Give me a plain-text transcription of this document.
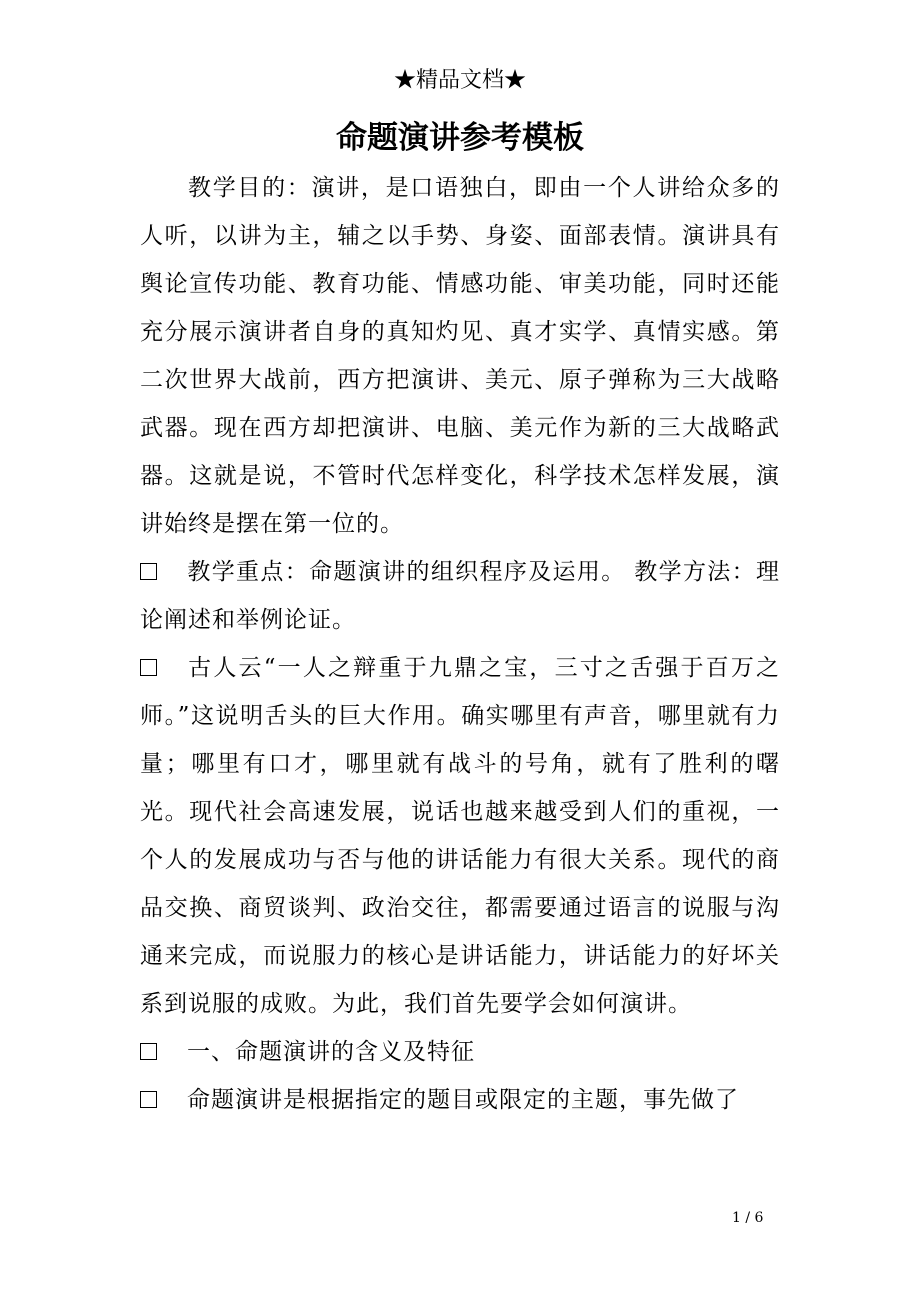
★精品文档★
命题演讲参考模板

教学目的：演讲，是口语独白，即由一个人讲给众多的人听，以讲为主，辅之以手势、身姿、面部表情。演讲具有舆论宣传功能、教育功能、情感功能、审美功能，同时还能充分展示演讲者自身的真知灼见、真才实学、真情实感。第二次世界大战前，西方把演讲、美元、原子弹称为三大战略武器。现在西方却把演讲、电脑、美元作为新的三大战略武器。这就是说，不管时代怎样变化，科学技术怎样发展，演讲始终是摆在第一位的。

教学重点：命题演讲的组织程序及运用。 教学方法：理论阐述和举例论证。

古人云“一人之辩重于九鼎之宝，三寸之舌强于百万之师。”这说明舌头的巨大作用。确实哪里有声音，哪里就有力量；哪里有口才，哪里就有战斗的号角，就有了胜利的曙光。现代社会高速发展，说话也越来越受到人们的重视，一个人的发展成功与否与他的讲话能力有很大关系。现代的商品交换、商贸谈判、政治交往，都需要通过语言的说服与沟通来完成，而说服力的核心是讲话能力，讲话能力的好坏关系到说服的成败。为此，我们首先要学会如何演讲。

一、命题演讲的含义及特征

命题演讲是根据指定的题目或限定的主题，事先做了

1 / 6
